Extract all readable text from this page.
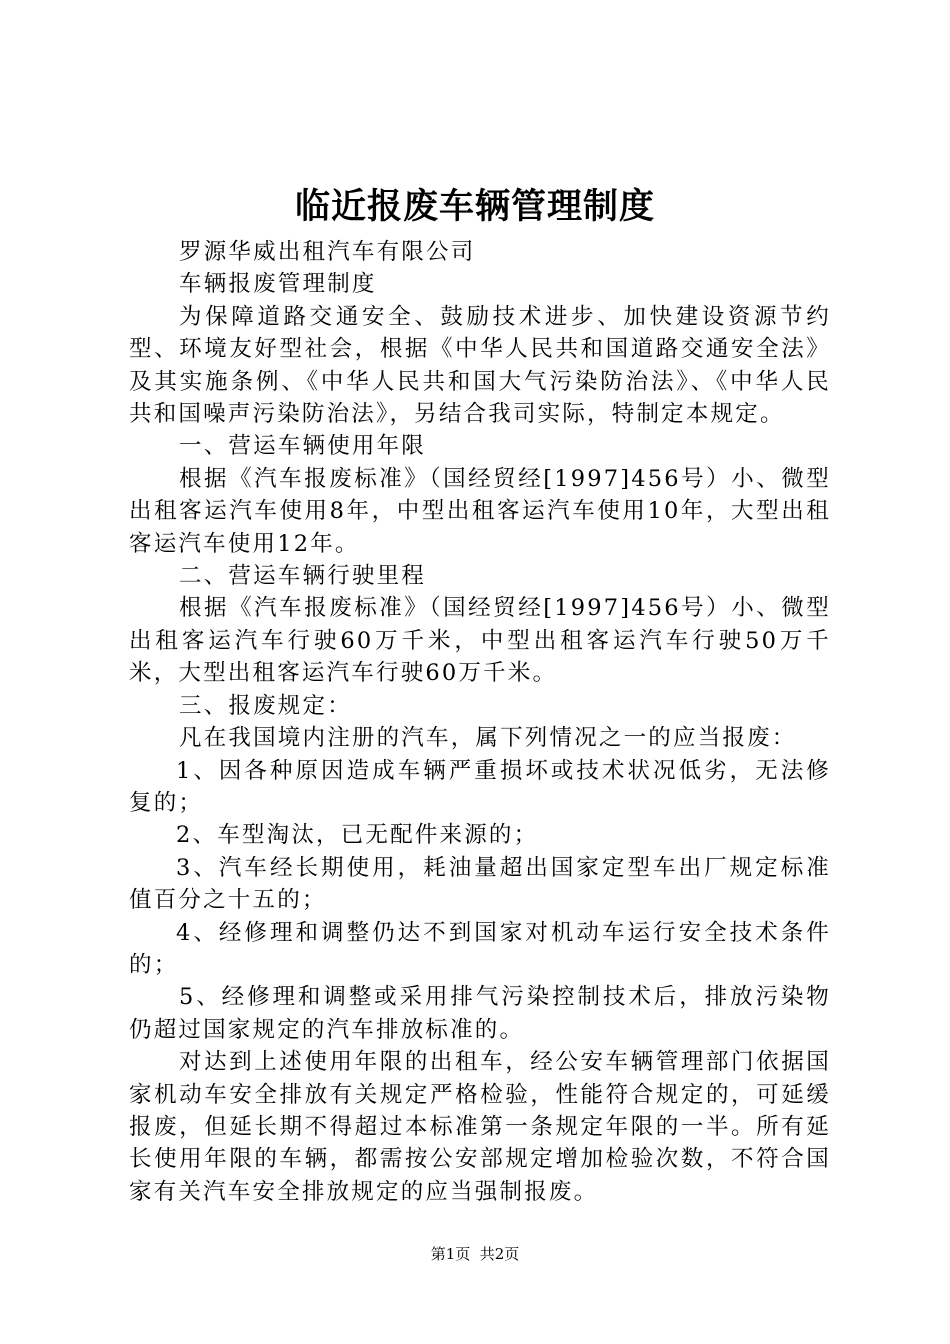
临近报废车辆管理制度

罗源华威出租汽车有限公司

车辆报废管理制度

为保障道路交通安全、鼓励技术进步、加快建设资源节约型、环境友好型社会，根据《中华人民共和国道路交通安全法》及其实施条例、《中华人民共和国大气污染防治法》、《中华人民共和国噪声污染防治法》，另结合我司实际，特制定本规定。

一、营运车辆使用年限

根据《汽车报废标准》（国经贸经[1997]456号）小、微型出租客运汽车使用8年，中型出租客运汽车使用10年，大型出租客运汽车使用12年。

二、营运车辆行驶里程

根据《汽车报废标准》（国经贸经[1997]456号）小、微型出租客运汽车行驶60万千米，中型出租客运汽车行驶50万千米，大型出租客运汽车行驶60万千米。

三、报废规定：

凡在我国境内注册的汽车，属下列情况之一的应当报废：

1、因各种原因造成车辆严重损坏或技术状况低劣，无法修复的；

2、车型淘汰，已无配件来源的；

3、汽车经长期使用，耗油量超出国家定型车出厂规定标准值百分之十五的；

4、经修理和调整仍达不到国家对机动车运行安全技术条件的；

5、经修理和调整或采用排气污染控制技术后，排放污染物仍超过国家规定的汽车排放标准的。

对达到上述使用年限的出租车，经公安车辆管理部门依据国家机动车安全排放有关规定严格检验，性能符合规定的，可延缓报废，但延长期不得超过本标准第一条规定年限的一半。所有延长使用年限的车辆，都需按公安部规定增加检验次数，不符合国家有关汽车安全排放规定的应当强制报废。

第1页  共2页
